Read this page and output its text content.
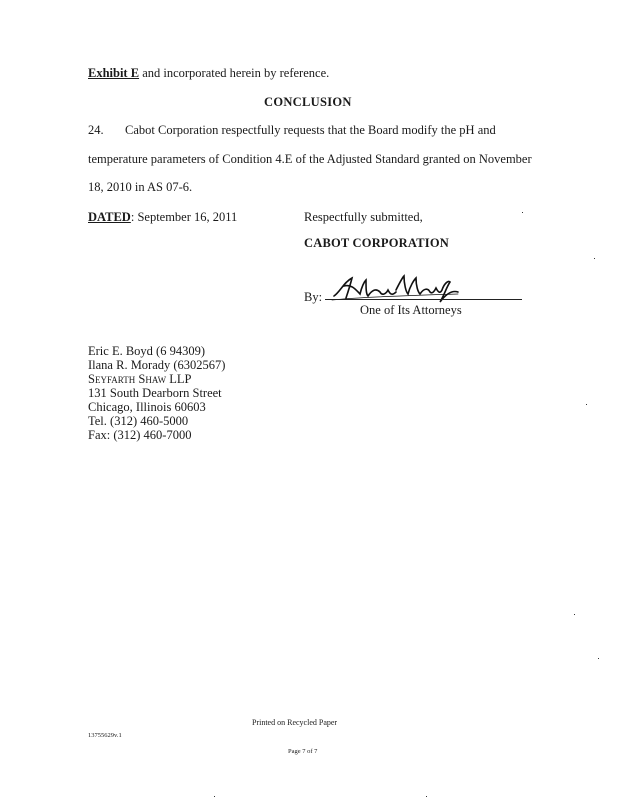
Exhibit E and incorporated herein by reference.
CONCLUSION
24. Cabot Corporation respectfully requests that the Board modify the pH and
temperature parameters of Condition 4.E of the Adjusted Standard granted on November
18, 2010 in AS 07-6.
DATED: September 16, 2011	Respectfully submitted,
CABOT CORPORATION
By:
One of Its Attorneys
Eric E. Boyd (6 94309)
Ilana R. Morady (6302567)
Seyfarth Shaw LLP
131 South Dearborn Street
Chicago, Illinois 60603
Tel. (312) 460-5000
Fax: (312) 460-7000
Printed on Recycled Paper
13755629v.1
Page 7 of 7
